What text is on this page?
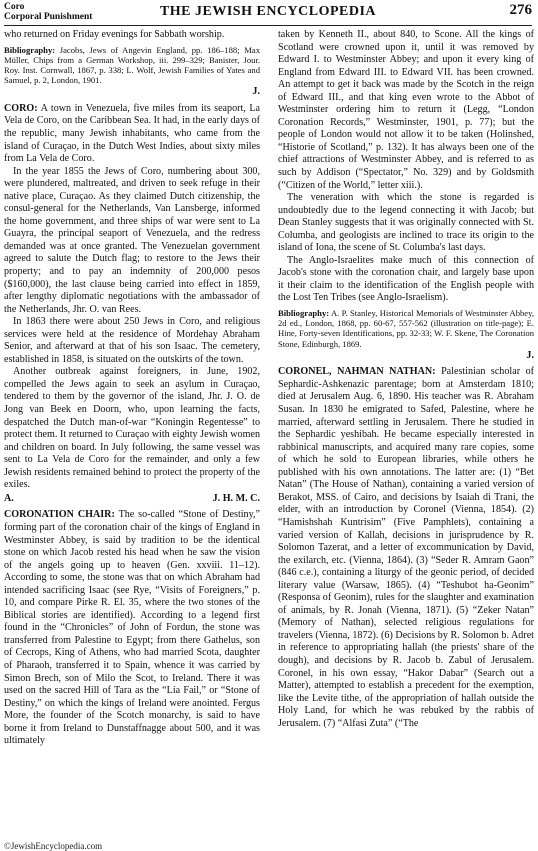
Coro
Corporal Punishment	THE JEWISH ENCYCLOPEDIA	276

who returned on Friday evenings for Sabbath worship.

Bibliography: Jacobs, Jews of Angevin England, pp. 186–188; Max Müller, Chips from a German Workshop, iii. 299–329; Banister, Jour. Roy. Inst. Cornwall, 1867, p. 338; L. Wolf, Jewish Families of Yates and Samuel, p. 2, London, 1901.

J.

CORO: A town in Venezuela, five miles from its seaport, La Vela de Coro, on the Caribbean Sea. It had, in the early days of the republic, many Jewish inhabitants, who came from the island of Curaçao, in the Dutch West Indies, about sixty miles from La Vela de Coro.

In the year 1855 the Jews of Coro, numbering about 300, were plundered, maltreated, and driven to seek refuge in their native place, Curaçao. As they claimed Dutch citizenship, the consul-general for the Netherlands, Van Lansberge, informed the home government, and three ships of war were sent to La Guayra, the principal seaport of Venezuela, and the redress demanded was at once granted. The Venezuelan government agreed to salute the Dutch flag; to restore to the Jews their property; and to pay an indemnity of 200,000 pesos ($160,000), the last clause being carried into effect in 1859, after lengthy diplomatic negotiations with the ambassador of the Netherlands, Jhr. O. van Rees.

In 1863 there were about 250 Jews in Coro, and religious services were held at the residence of Mordehay Abraham Senior, and afterward at that of his son Isaac. The cemetery, established in 1858, is situated on the outskirts of the town.

Another outbreak against foreigners, in June, 1902, compelled the Jews again to seek an asylum in Curaçao, tendered to them by the governor of the island, Jhr. J. O. de Jong van Beek en Doorn, who, upon learning the facts, despatched the Dutch man-of-war “Koningin Regentesse” to protect them. It returned to Curaçao with eighty Jewish women and children on board. In July following, the same vessel was sent to La Vela de Coro for the remainder, and only a few Jewish residents remained behind to protect the property of the exiles.

A.	J. H. M. C.

CORONATION CHAIR: The so-called “Stone of Destiny,” forming part of the coronation chair of the kings of England in Westminster Abbey, is said by tradition to be the identical stone on which Jacob rested his head when he saw the vision of the angels going up to heaven (Gen. xxviii. 11–12). According to some, the stone was that on which Abraham had intended sacrificing Isaac (see Rye, “Visits of Foreigners,” p. 10, and compare Pirke R. El. 35, where the two stones of the Biblical stories are identified). According to a legend first found in the “Chronicles” of John of Fordun, the stone was transferred from Palestine to Egypt; from there Gathelus, son of Cecrops, King of Athens, who had married Scota, daughter of Pharaoh, transferred it to Spain, whence it was carried by Simon Brech, son of Milo the Scot, to Ireland. There it was used on the sacred Hill of Tara as the “Lia Fail,” or “Stone of Destiny,” on which the kings of Ireland were anointed. Fergus More, the founder of the Scotch monarchy, is said to have borne it from Ireland to Dunstaffnagge about 500, and it was ultimately

taken by Kenneth II., about 840, to Scone. All the kings of Scotland were crowned upon it, until it was removed by Edward I. to Westminster Abbey; and upon it every king of England from Edward III. to Edward VII. has been crowned. An attempt to get it back was made by the Scotch in the reign of Edward III., and that king even wrote to the Abbot of Westminster ordering him to return it (Legg, “London Coronation Records,” Westminster, 1901, p. 77); but the people of London would not allow it to be taken (Holinshed, “Historie of Scotland,” p. 132). It has always been one of the chief attractions of Westminster Abbey, and is referred to as such by Addison (“Spectator,” No. 329) and by Goldsmith (“Citizen of the World,” letter xiii.).

The veneration with which the stone is regarded is undoubtedly due to the legend connecting it with Jacob; but Dean Stanley suggests that it was originally connected with St. Columba, and geologists are inclined to trace its origin to the island of Iona, the scene of St. Columba's last days.

The Anglo-Israelites make much of this connection of Jacob's stone with the coronation chair, and largely base upon it their claim to the identification of the English people with the Lost Ten Tribes (see Anglo-Israelism).

Bibliography: A. P. Stanley, Historical Memorials of Westminster Abbey, 2d ed., London, 1868, pp. 60-67, 557-562 (illustration on title-page); E. Hine, Forty-seven Identifications, pp. 32-33; W. F. Skene, The Coronation Stone, Edinburgh, 1869.

J.

CORONEL, NAHMAN NATHAN: Palestinian scholar of Sephardic-Ashkenazic parentage; born at Amsterdam 1810; died at Jerusalem Aug. 6, 1890. His teacher was R. Abraham Susan. In 1830 he emigrated to Safed, Palestine, where he married, afterward settling in Jerusalem. There he studied in the Sephardic yeshibah. He became especially interested in rabbinical manuscripts, and acquired many rare copies, some of which he sold to European libraries, while others he published with his own annotations. The latter are: (1) “Bet Natan” (The House of Nathan), containing a varied version of Berakot, MSS. of Cairo, and decisions by Isaiah di Trani, the elder, with an introduction by Coronel (Vienna, 1854). (2) “Hamishshah Kuntrisim” (Five Pamphlets), containing a varied version of Kallah, decisions in jurisprudence by R. Solomon Tazerat, and a letter of excommunication by David, the exilarch, etc. (Vienna, 1864). (3) “Seder R. Amram Gaon” (846 c.e.), containing a liturgy of the geonic period, of decided literary value (Warsaw, 1865). (4) “Teshubot ha-Geonim” (Responsa of Geonim), rules for the slaughter and examination of animals, by R. Jonah (Vienna, 1871). (5) “Zeker Natan” (Memory of Nathan), selected religious regulations for travelers (Vienna, 1872). (6) Decisions by R. Solomon b. Adret in reference to appropriating hallah (the priests' share of the dough), and decisions by R. Jacob b. Zabul of Jerusalem. Coronel, in his own essay, “Hakor Dabar” (Search out a Matter), attempted to establish a precedent for the exemption, like the Levite tithe, of the appropriation of hallah outside the Holy Land, for which he was rebuked by the rabbis of Jerusalem. (7) “Alfasi Zuta” (“The

©JewishEncyclopedia.com
